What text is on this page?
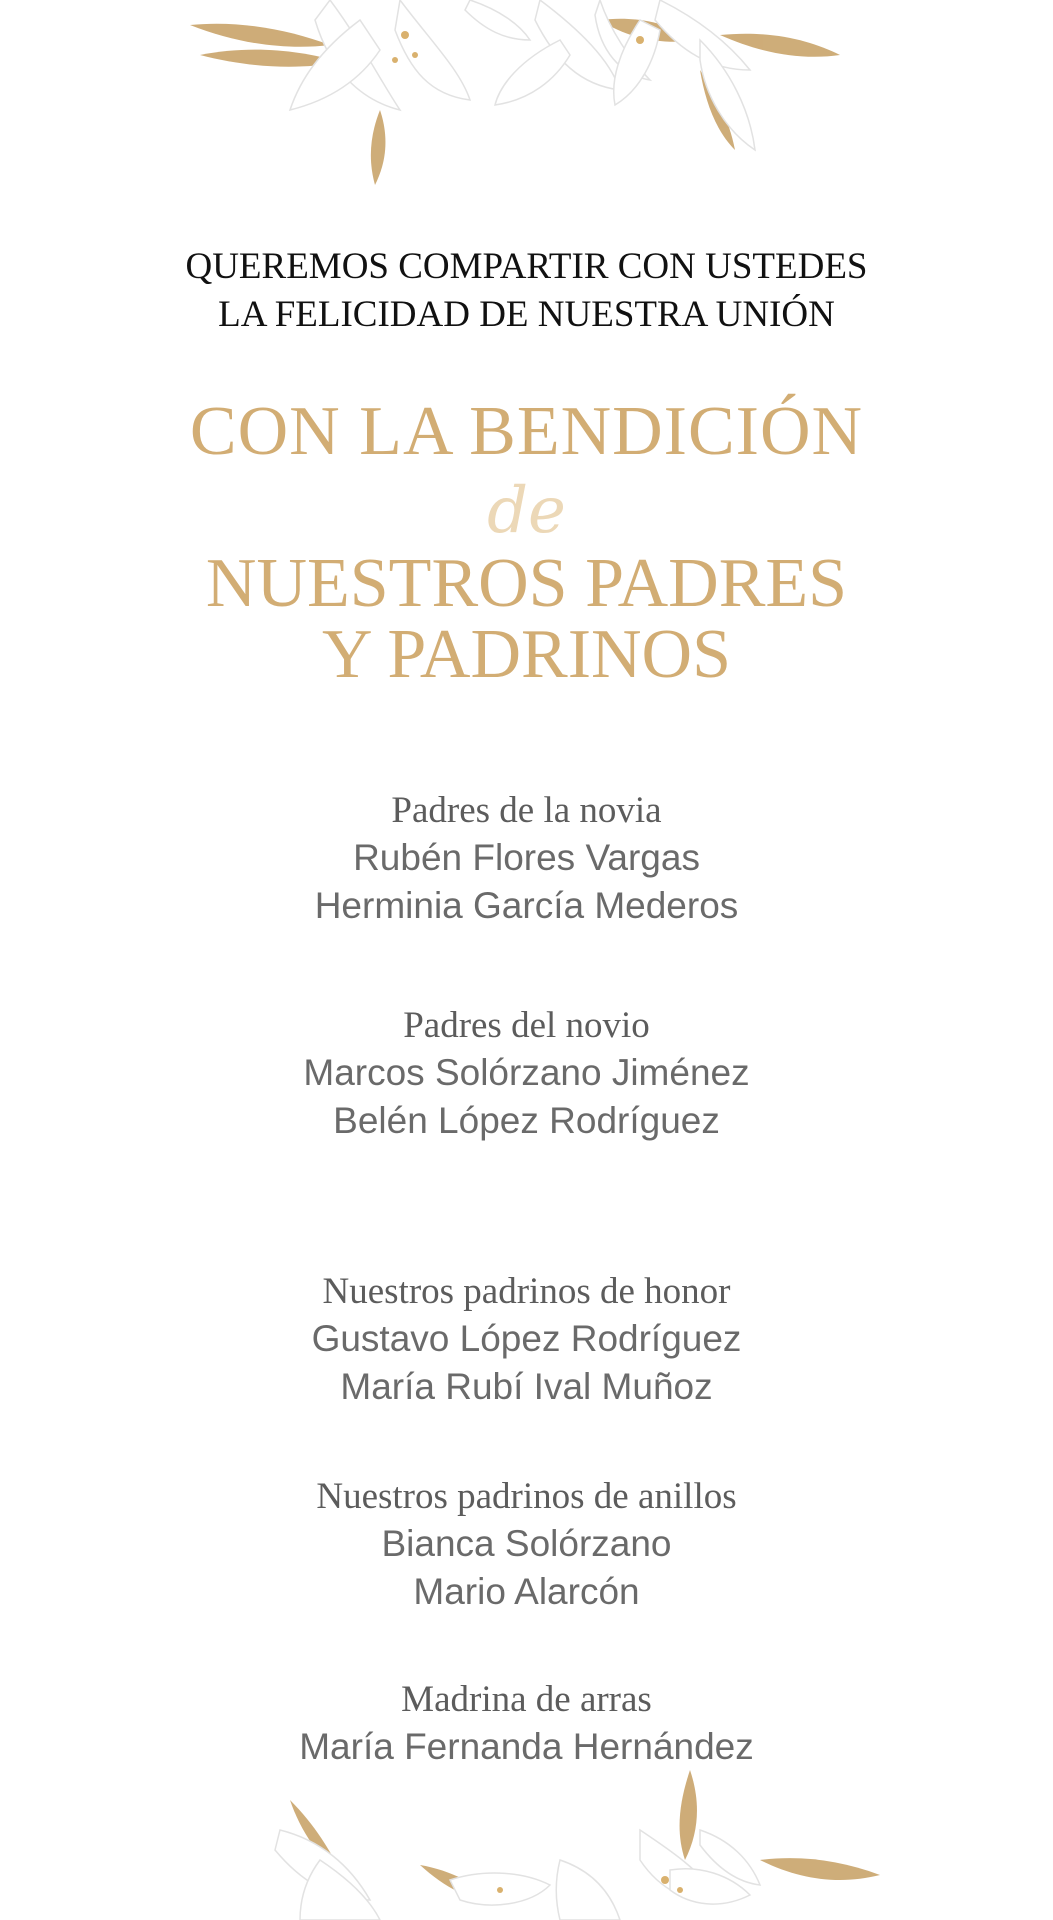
QUEREMOS COMPARTIR CON USTEDES
LA FELICIDAD DE NUESTRA UNIÓN
CON LA BENDICIÓN
de
NUESTROS PADRES
Y PADRINOS
Padres de la novia
Rubén Flores Vargas
Herminia García Mederos
Padres del novio
Marcos Solórzano Jiménez
Belén López Rodríguez
Nuestros padrinos de honor
Gustavo López Rodríguez
María Rubí Ival Muñoz
Nuestros padrinos de anillos
Bianca Solórzano
Mario Alarcón
Madrina de arras
María Fernanda Hernández
